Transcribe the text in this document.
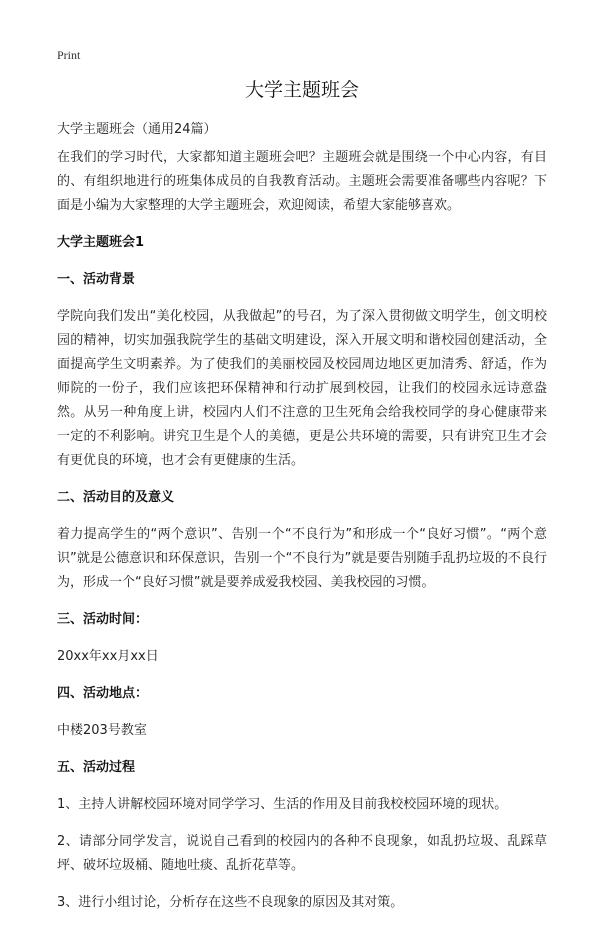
Print
大学主题班会

大学主题班会（通用24篇）

在我们的学习时代，大家都知道主题班会吧？主题班会就是围绕一个中心内容，有目的、有组织地进行的班集体成员的自我教育活动。主题班会需要准备哪些内容呢？下面是小编为大家整理的大学主题班会，欢迎阅读，希望大家能够喜欢。

大学主题班会1

一、活动背景

学院向我们发出“美化校园，从我做起”的号召，为了深入贯彻做文明学生，创文明校园的精神，切实加强我院学生的基础文明建设，深入开展文明和谐校园创建活动，全面提高学生文明素养。为了使我们的美丽校园及校园周边地区更加清秀、舒适，作为师院的一份子，我们应该把环保精神和行动扩展到校园，让我们的校园永远诗意盎然。从另一种角度上讲，校园内人们不注意的卫生死角会给我校同学的身心健康带来一定的不利影响。讲究卫生是个人的美德，更是公共环境的需要，只有讲究卫生才会有更优良的环境，也才会有更健康的生活。

二、活动目的及意义

着力提高学生的“两个意识”、告别一个“不良行为”和形成一个“良好习惯”。“两个意识”就是公德意识和环保意识，告别一个“不良行为”就是要告别随手乱扔垃圾的不良行为，形成一个“良好习惯”就是要养成爱我校园、美我校园的习惯。

三、活动时间：

20xx年xx月xx日

四、活动地点：

中楼203号教室

五、活动过程

1、主持人讲解校园环境对同学学习、生活的作用及目前我校校园环境的现状。

2、请部分同学发言，说说自己看到的校园内的各种不良现象，如乱扔垃圾、乱踩草坪、破坏垃圾桶、随地吐痰、乱折花草等。

3、进行小组讨论，分析存在这些不良现象的原因及其对策。
